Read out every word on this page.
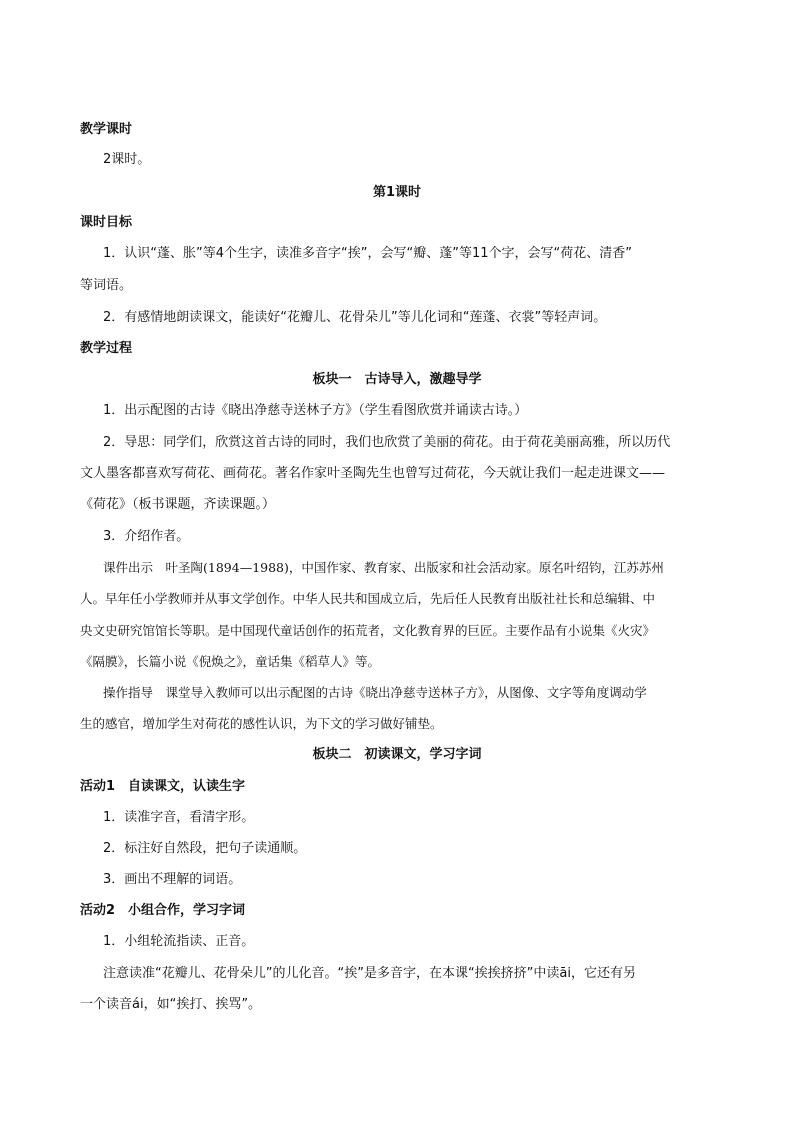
教学课时
2课时。
第1课时
课时目标
1．认识“蓬、胀”等4个生字，读准多音字“挨”，会写“瓣、蓬”等11个字，会写“荷花、清香”
等词语。
2．有感情地朗读课文，能读好“花瓣儿、花骨朵儿”等儿化词和“莲蓬、衣裳”等轻声词。
教学过程
板块一　古诗导入，激趣导学
1．出示配图的古诗《晓出净慈寺送林子方》（学生看图欣赏并诵读古诗。）
2．导思：同学们，欣赏这首古诗的同时，我们也欣赏了美丽的荷花。由于荷花美丽高雅，所以历代
文人墨客都喜欢写荷花、画荷花。著名作家叶圣陶先生也曾写过荷花，今天就让我们一起走进课文——
《荷花》（板书课题，齐读课题。）
3．介绍作者。
课件出示　叶圣陶(1894—1988)，中国作家、教育家、出版家和社会活动家。原名叶绍钧，江苏苏州
人。早年任小学教师并从事文学创作。中华人民共和国成立后，先后任人民教育出版社社长和总编辑、中
央文史研究馆馆长等职。是中国现代童话创作的拓荒者，文化教育界的巨匠。主要作品有小说集《火灾》
《隔膜》，长篇小说《倪焕之》，童话集《稻草人》等。
操作指导　课堂导入教师可以出示配图的古诗《晓出净慈寺送林子方》，从图像、文字等角度调动学
生的感官，增加学生对荷花的感性认识，为下文的学习做好铺垫。
板块二　初读课文，学习字词
活动1　自读课文，认读生字
1．读准字音，看清字形。
2．标注好自然段，把句子读通顺。
3．画出不理解的词语。
活动2　小组合作，学习字词
1．小组轮流指读、正音。
注意读准“花瓣儿、花骨朵儿”的儿化音。“挨”是多音字，在本课“挨挨挤挤”中读āi，它还有另
一个读音ái，如“挨打、挨骂”。
